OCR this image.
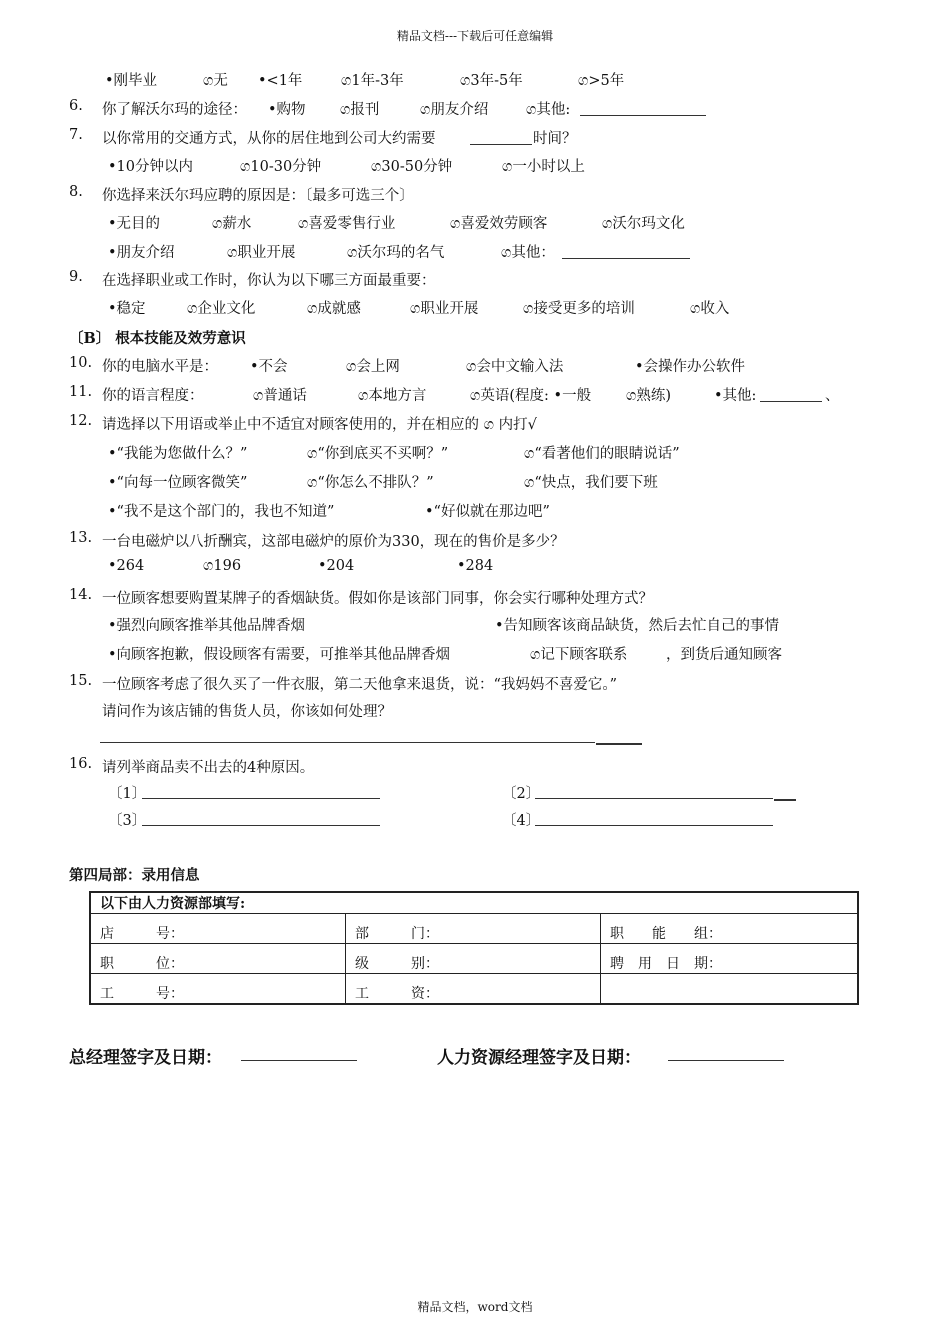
精品文档---下载后可任意编辑
•刚毕业	ග无 •<1年	ග1年-3年	ග3年-5年	ග>5年
6. 你了解沃尔玛的途径： •购物 ග报刊	ග朋友介绍	ග其他:
7. 以你常用的交通方式，从你的居住地到公司大约需要	时间？
•10分钟以内	ග10-30分钟	ග30-50分钟	ග一小时以上
8. 你选择来沃尔玛应聘的原因是：〔最多可选三个〕
•无目的	ග薪水	ග喜爱零售行业	ග喜爱效劳顾客	ග沃尔玛文化
•朋友介绍	ග职业开展	ග沃尔玛的名气	ග其他：
9. 在选择职业或工作时，你认为以下哪三方面最重要：
•稳定	ග企业文化	ග成就感	ග职业开展	ග接受更多的培训	ග收入
〔B〕 根本技能及效劳意识
10. 你的电脑水平是： •不会	ග会上网	ග会中文输入法	•会操作办公软件
11. 你的语言程度：	ග普通话	ග本地方言	ග英语(程度: •一般 ග熟练)	•其他:	、
12. 请选择以下用语或举止中不适宜对顾客使用的，并在相应的 ග 内打√
•“我能为您做什么？”	ග“你到底买不买啊？”	ග“看著他们的眼睛说话”
•“向每一位顾客微笑”	ග“你怎么不排队？”	ග“快点，我们要下班
•“我不是这个部门的，我也不知道”	•“好似就在那边吧”
13. 一台电磁炉以八折酬宾，这部电磁炉的原价为330，现在的售价是多少？
•264	ග196	•204	•284
14. 一位顾客想要购置某牌子的香烟缺货。假如你是该部门同事，你会实行哪种处理方式？
•强烈向顾客推举其他品牌香烟	•告知顾客该商品缺货，然后去忙自己的事情
•向顾客抱歉，假设顾客有需要，可推举其他品牌香烟	ග记下顾客联系	，到货后通知顾客
15. 一位顾客考虑了很久买了一件衣服，第二天他拿来退货，说：“我妈妈不喜爱它。”
请问作为该店铺的售货人员，你该如何处理？
16. 请列举商品卖不出去的4种原因。
〔1〕	〔2〕
〔3〕	〔4〕
第四局部：录用信息
以下由人力资源部填写:		
店　　　号：	部　　　门：	职　　能　　组：
职　　　位：	级　　　别：	聘　用　日　期：
工　　　号：	工　　　资：	
总经理签字及日期：	人力资源经理签字及日期：
精品文档，word文档
